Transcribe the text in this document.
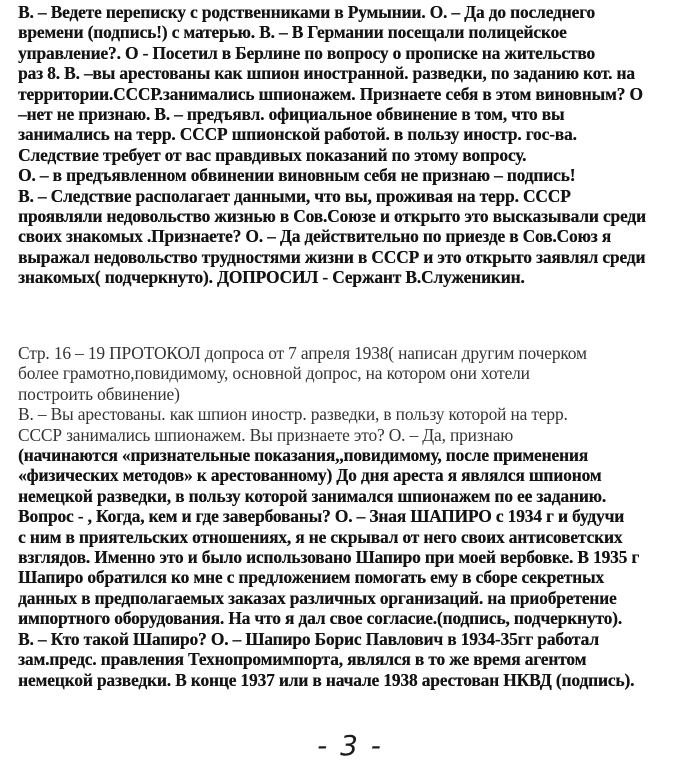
В. – Ведете переписку с родственниками в Румынии. О. – Да до последнего
времени (подпись!) с матерью. В. – В Германии посещали полицейское
управление?. О - Посетил в Берлине по вопросу о прописке на жительство
раз 8. В. –вы арестованы как шпион иностранной. разведки, по заданию кот. на
территории.СССР.занимались шпионажем. Признаете себя в этом виновным? О
–нет не признаю. В. – предъявл. официальное обвинение в том, что вы
занимались на терр. СССР шпионской работой. в пользу иностр. гос-ва.
Следствие требует от вас правдивых показаний по этому вопросу.
О. – в предъявленном обвинении виновным себя не признаю – подпись!
В. – Следствие располагает данными, что вы, проживая на терр. СССР
проявляли недовольство жизнью в Сов.Союзе и открыто это высказывали среди
своих знакомых .Признаете? О. – Да действительно по приезде в Сов.Союз я
выражал недовольство трудностями жизни в СССР и это открыто заявлял среди
знакомых( подчеркнуто). ДОПРОСИЛ - Сержант В.Служеникин.
Стр. 16 – 19 ПРОТОКОЛ допроса от 7 апреля 1938( написан другим почерком
более грамотно,повидимому, основной допрос, на котором они хотели
построить обвинение)
В. – Вы арестованы. как шпион иностр. разведки, в пользу которой на терр.
СССР занимались шпионажем. Вы признаете это? О. – Да, признаю
(начинаются «признательные показания,,повидимому, после применения
«физических методов» к арестованному) До дня ареста я являлся шпионом
немецкой разведки, в пользу которой занимался шпионажем по ее заданию.
Вопрос - , Когда, кем и где завербованы? О. – Зная ШАПИРО с 1934 г и будучи
с ним в приятельских отношениях, я не скрывал от него своих антисоветских
взглядов. Именно это и было использовано Шапиро при моей вербовке. В 1935 г
Шапиро обратился ко мне с предложением помогать ему в сборе секретных
данных в предполагаемых заказах различных организаций. на приобретение
импортного оборудования. На что я дал свое согласие.(подпись, подчеркнуто).
В. – Кто такой Шапиро? О. – Шапиро Борис Павлович в 1934-35гг работал
зам.предс. правления Технопромимпорта, являлся в то же время агентом
немецкой разведки. В конце 1937 или в начале 1938 арестован НКВД (подпись).
- 3 -
